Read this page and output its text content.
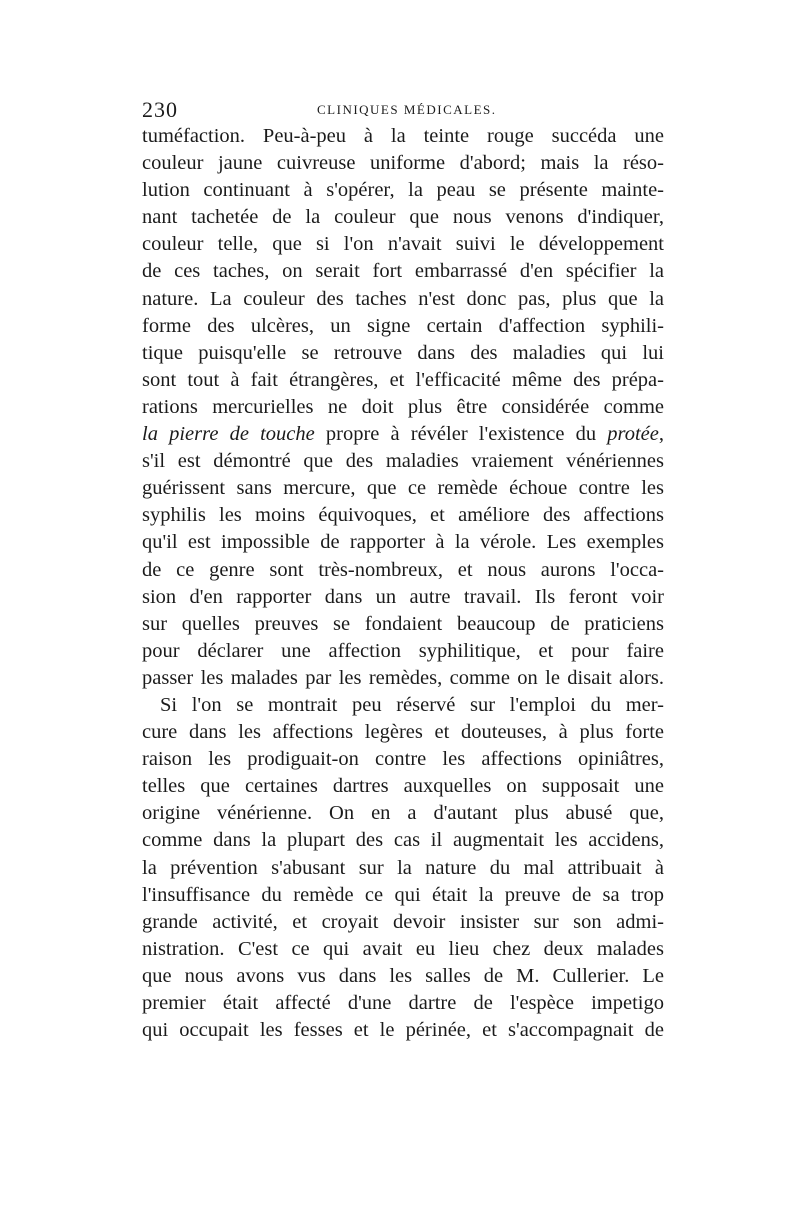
230	CLINIQUES MÉDICALES.
tuméfaction. Peu-à-peu à la teinte rouge succéda une
couleur jaune cuivreuse uniforme d'abord; mais la réso-
lution continuant à s'opérer, la peau se présente mainte-
nant tachetée de la couleur que nous venons d'indiquer,
couleur telle, que si l'on n'avait suivi le développement
de ces taches, on serait fort embarrassé d'en spécifier la
nature. La couleur des taches n'est donc pas, plus que la
forme des ulcères, un signe certain d'affection syphili-
tique puisqu'elle se retrouve dans des maladies qui lui
sont tout à fait étrangères, et l'efficacité même des prépa-
rations mercurielles ne doit plus être considérée comme
la pierre de touche propre à révéler l'existence du protée,
s'il est démontré que des maladies vraiement vénériennes
guérissent sans mercure, que ce remède échoue contre les
syphilis les moins équivoques, et améliore des affections
qu'il est impossible de rapporter à la vérole. Les exemples
de ce genre sont très-nombreux, et nous aurons l'occa-
sion d'en rapporter dans un autre travail. Ils feront voir
sur quelles preuves se fondaient beaucoup de praticiens
pour déclarer une affection syphilitique, et pour faire
passer les malades par les remèdes, comme on le disait alors.
Si l'on se montrait peu réservé sur l'emploi du mer-
cure dans les affections legères et douteuses, à plus forte
raison les prodiguait-on contre les affections opiniâtres,
telles que certaines dartres auxquelles on supposait une
origine vénérienne. On en a d'autant plus abusé que,
comme dans la plupart des cas il augmentait les accidens,
la prévention s'abusant sur la nature du mal attribuait à
l'insuffisance du remède ce qui était la preuve de sa trop
grande activité, et croyait devoir insister sur son admi-
nistration. C'est ce qui avait eu lieu chez deux malades
que nous avons vus dans les salles de M. Cullerier. Le
premier était affecté d'une dartre de l'espèce impetigo
qui occupait les fesses et le périnée, et s'accompagnait de
